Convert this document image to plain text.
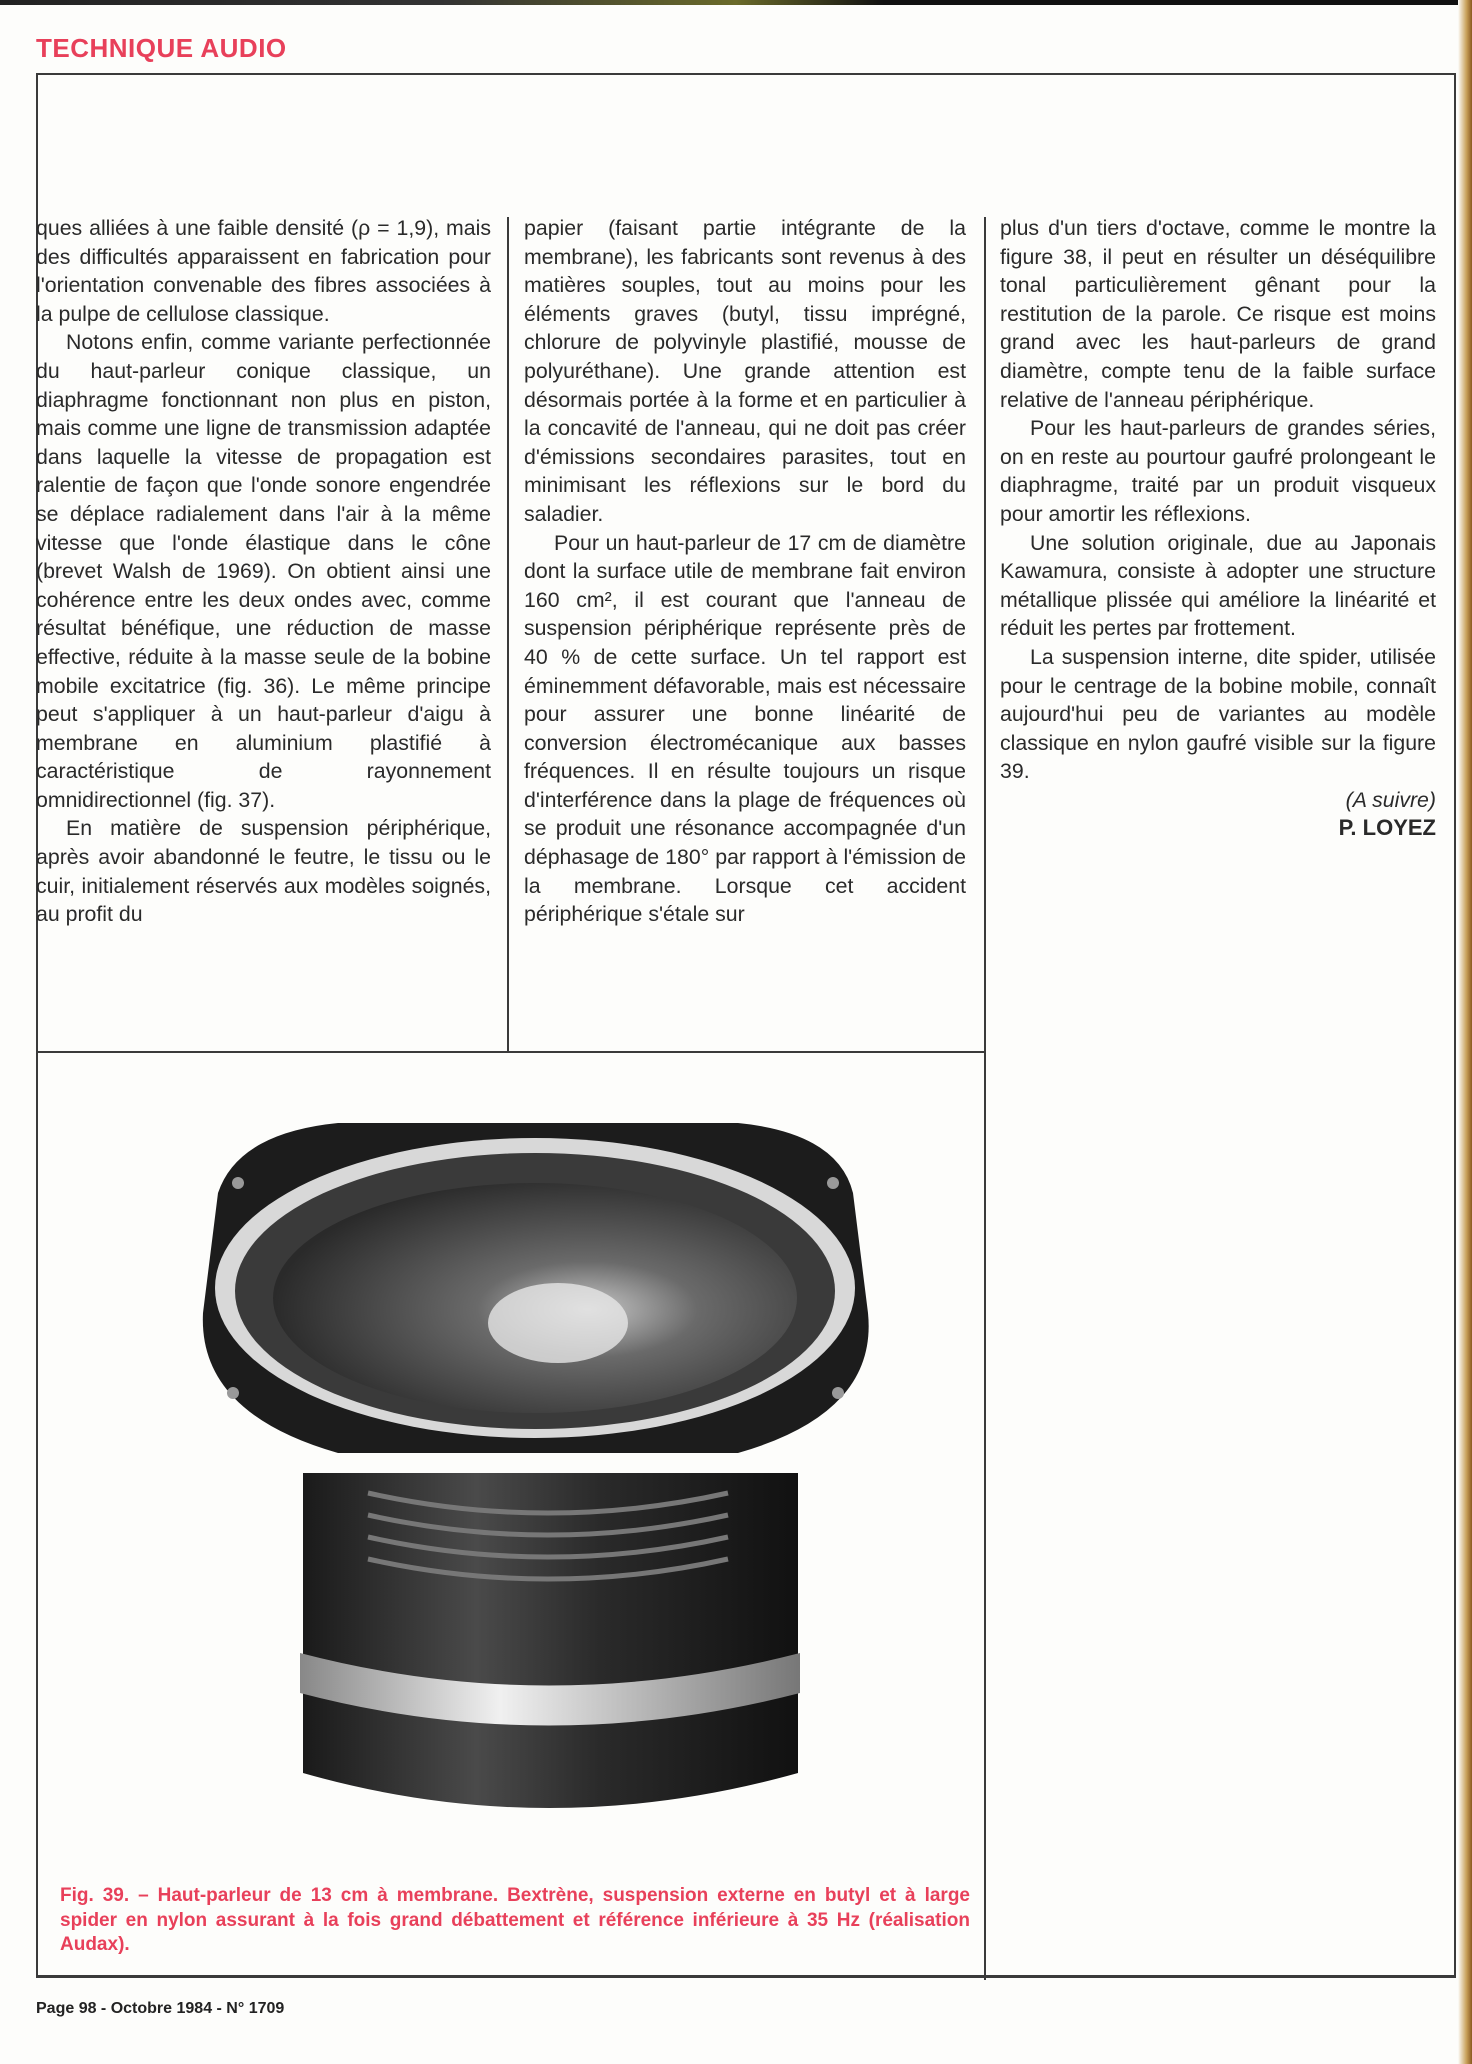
TECHNIQUE AUDIO

ques alliées à une faible densité (ρ = 1,9), mais des difficultés apparaissent en fabrication pour l'orientation convenable des fibres associées à la pulpe de cellulose classique.

Notons enfin, comme variante perfectionnée du haut-parleur conique classique, un diaphragme fonctionnant non plus en piston, mais comme une ligne de transmission adaptée dans laquelle la vitesse de propagation est ralentie de façon que l'onde sonore engendrée se déplace radialement dans l'air à la même vitesse que l'onde élastique dans le cône (brevet Walsh de 1969). On obtient ainsi une cohérence entre les deux ondes avec, comme résultat bénéfique, une réduction de masse effective, réduite à la masse seule de la bobine mobile excitatrice (fig. 36). Le même principe peut s'appliquer à un haut-parleur d'aigu à membrane en aluminium plastifié à caractéristique de rayonnement omnidirectionnel (fig. 37).

En matière de suspension périphérique, après avoir abandonné le feutre, le tissu ou le cuir, initialement réservés aux modèles soignés, au profit du

papier (faisant partie intégrante de la membrane), les fabricants sont revenus à des matières souples, tout au moins pour les éléments graves (butyl, tissu imprégné, chlorure de polyvinyle plastifié, mousse de polyuréthane). Une grande attention est désormais portée à la forme et en particulier à la concavité de l'anneau, qui ne doit pas créer d'émissions secondaires parasites, tout en minimisant les réflexions sur le bord du saladier.

Pour un haut-parleur de 17 cm de diamètre dont la surface utile de membrane fait environ 160 cm², il est courant que l'anneau de suspension périphérique représente près de 40 % de cette surface. Un tel rapport est éminemment défavorable, mais est nécessaire pour assurer une bonne linéarité de conversion électromécanique aux basses fréquences. Il en résulte toujours un risque d'interférence dans la plage de fréquences où se produit une résonance accompagnée d'un déphasage de 180° par rapport à l'émission de la membrane. Lorsque cet accident périphérique s'étale sur

plus d'un tiers d'octave, comme le montre la figure 38, il peut en résulter un déséquilibre tonal particulièrement gênant pour la restitution de la parole. Ce risque est moins grand avec les haut-parleurs de grand diamètre, compte tenu de la faible surface relative de l'anneau périphérique.

Pour les haut-parleurs de grandes séries, on en reste au pourtour gaufré prolongeant le diaphragme, traité par un produit visqueux pour amortir les réflexions.

Une solution originale, due au Japonais Kawamura, consiste à adopter une structure métallique plissée qui améliore la linéarité et réduit les pertes par frottement.

La suspension interne, dite spider, utilisée pour le centrage de la bobine mobile, connaît aujourd'hui peu de variantes au modèle classique en nylon gaufré visible sur la figure 39.

(A suivre)

P. LOYEZ

Fig. 39. – Haut-parleur de 13 cm à membrane. Bextrène, suspension externe en butyl et à large spider en nylon assurant à la fois grand débattement et référence inférieure à 35 Hz (réalisation Audax).
Page 98 - Octobre 1984 - N° 1709
